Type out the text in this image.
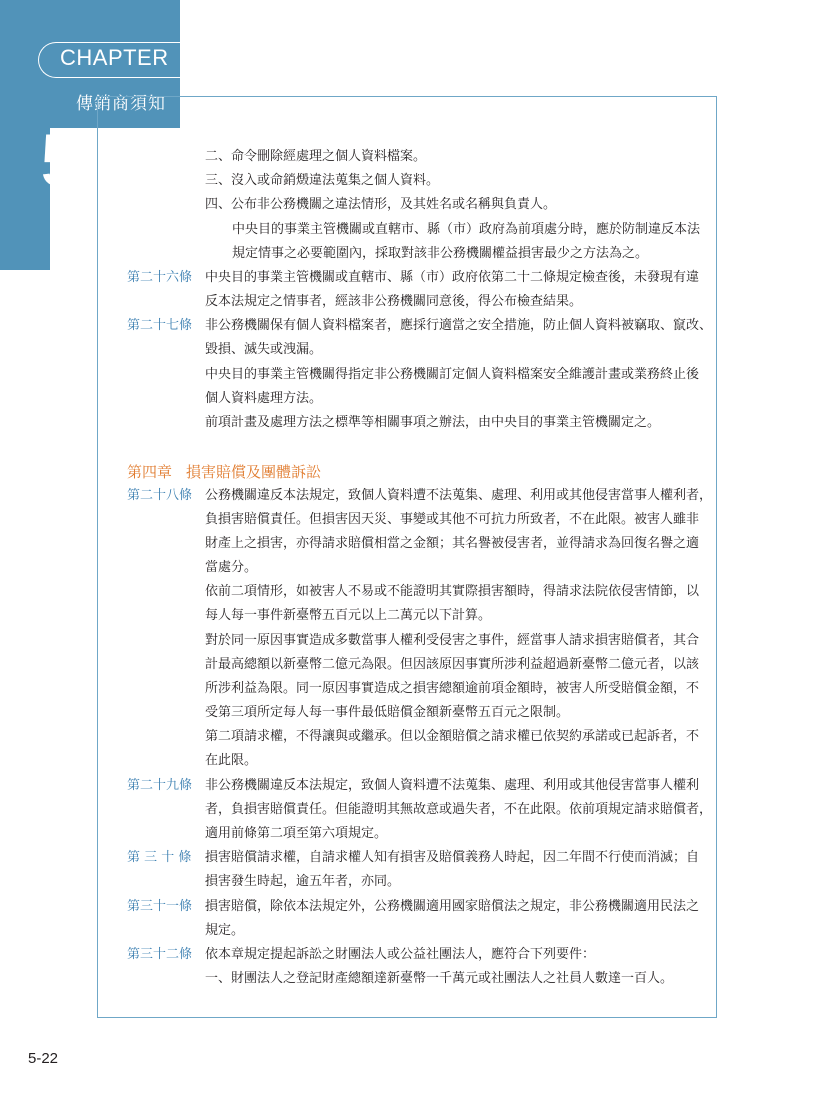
CHAPTER
傳銷商須知
5	二、命令刪除經處理之個人資料檔案。
三、沒入或命銷燬違法蒐集之個人資料。
四、公布非公務機關之違法情形，及其姓名或名稱與負責人。
中央目的事業主管機關或直轄市、縣（市）政府為前項處分時，應於防制違反本法
規定情事之必要範圍內，採取對該非公務機關權益損害最少之方法為之。
第二十六條 中央目的事業主管機關或直轄市、縣（市）政府依第二十二條規定檢查後，未發現有違
反本法規定之情事者，經該非公務機關同意後，得公布檢查結果。
第二十七條 非公務機關保有個人資料檔案者，應採行適當之安全措施，防止個人資料被竊取、竄改、
毀損、滅失或洩漏。
中央目的事業主管機關得指定非公務機關訂定個人資料檔案安全維護計畫或業務終止後
個人資料處理方法。
前項計畫及處理方法之標準等相關事項之辦法，由中央目的事業主管機關定之。
第四章 損害賠償及團體訴訟
第二十八條 公務機關違反本法規定，致個人資料遭不法蒐集、處理、利用或其他侵害當事人權利者，
負損害賠償責任。但損害因天災、事變或其他不可抗力所致者，不在此限。被害人雖非
財產上之損害，亦得請求賠償相當之金額；其名譽被侵害者，並得請求為回復名譽之適
當處分。
依前二項情形，如被害人不易或不能證明其實際損害額時，得請求法院依侵害情節，以
每人每一事件新臺幣五百元以上二萬元以下計算。
對於同一原因事實造成多數當事人權利受侵害之事件，經當事人請求損害賠償者，其合
計最高總額以新臺幣二億元為限。但因該原因事實所涉利益超過新臺幣二億元者，以該
所涉利益為限。同一原因事實造成之損害總額逾前項金額時，被害人所受賠償金額，不
受第三項所定每人每一事件最低賠償金額新臺幣五百元之限制。
第二項請求權，不得讓與或繼承。但以金額賠償之請求權已依契約承諾或已起訴者，不
在此限。
第二十九條 非公務機關違反本法規定，致個人資料遭不法蒐集、處理、利用或其他侵害當事人權利
者，負損害賠償責任。但能證明其無故意或過失者，不在此限。依前項規定請求賠償者，
適用前條第二項至第六項規定。
第 三 十 條	損害賠償請求權，自請求權人知有損害及賠償義務人時起，因二年間不行使而消滅；自
損害發生時起，逾五年者，亦同。
第三十一條 損害賠償，除依本法規定外，公務機關適用國家賠償法之規定，非公務機關適用民法之
規定。
第三十二條 依本章規定提起訴訟之財團法人或公益社團法人，應符合下列要件：
一、財團法人之登記財產總額達新臺幣一千萬元或社團法人之社員人數達一百人。
5-22
